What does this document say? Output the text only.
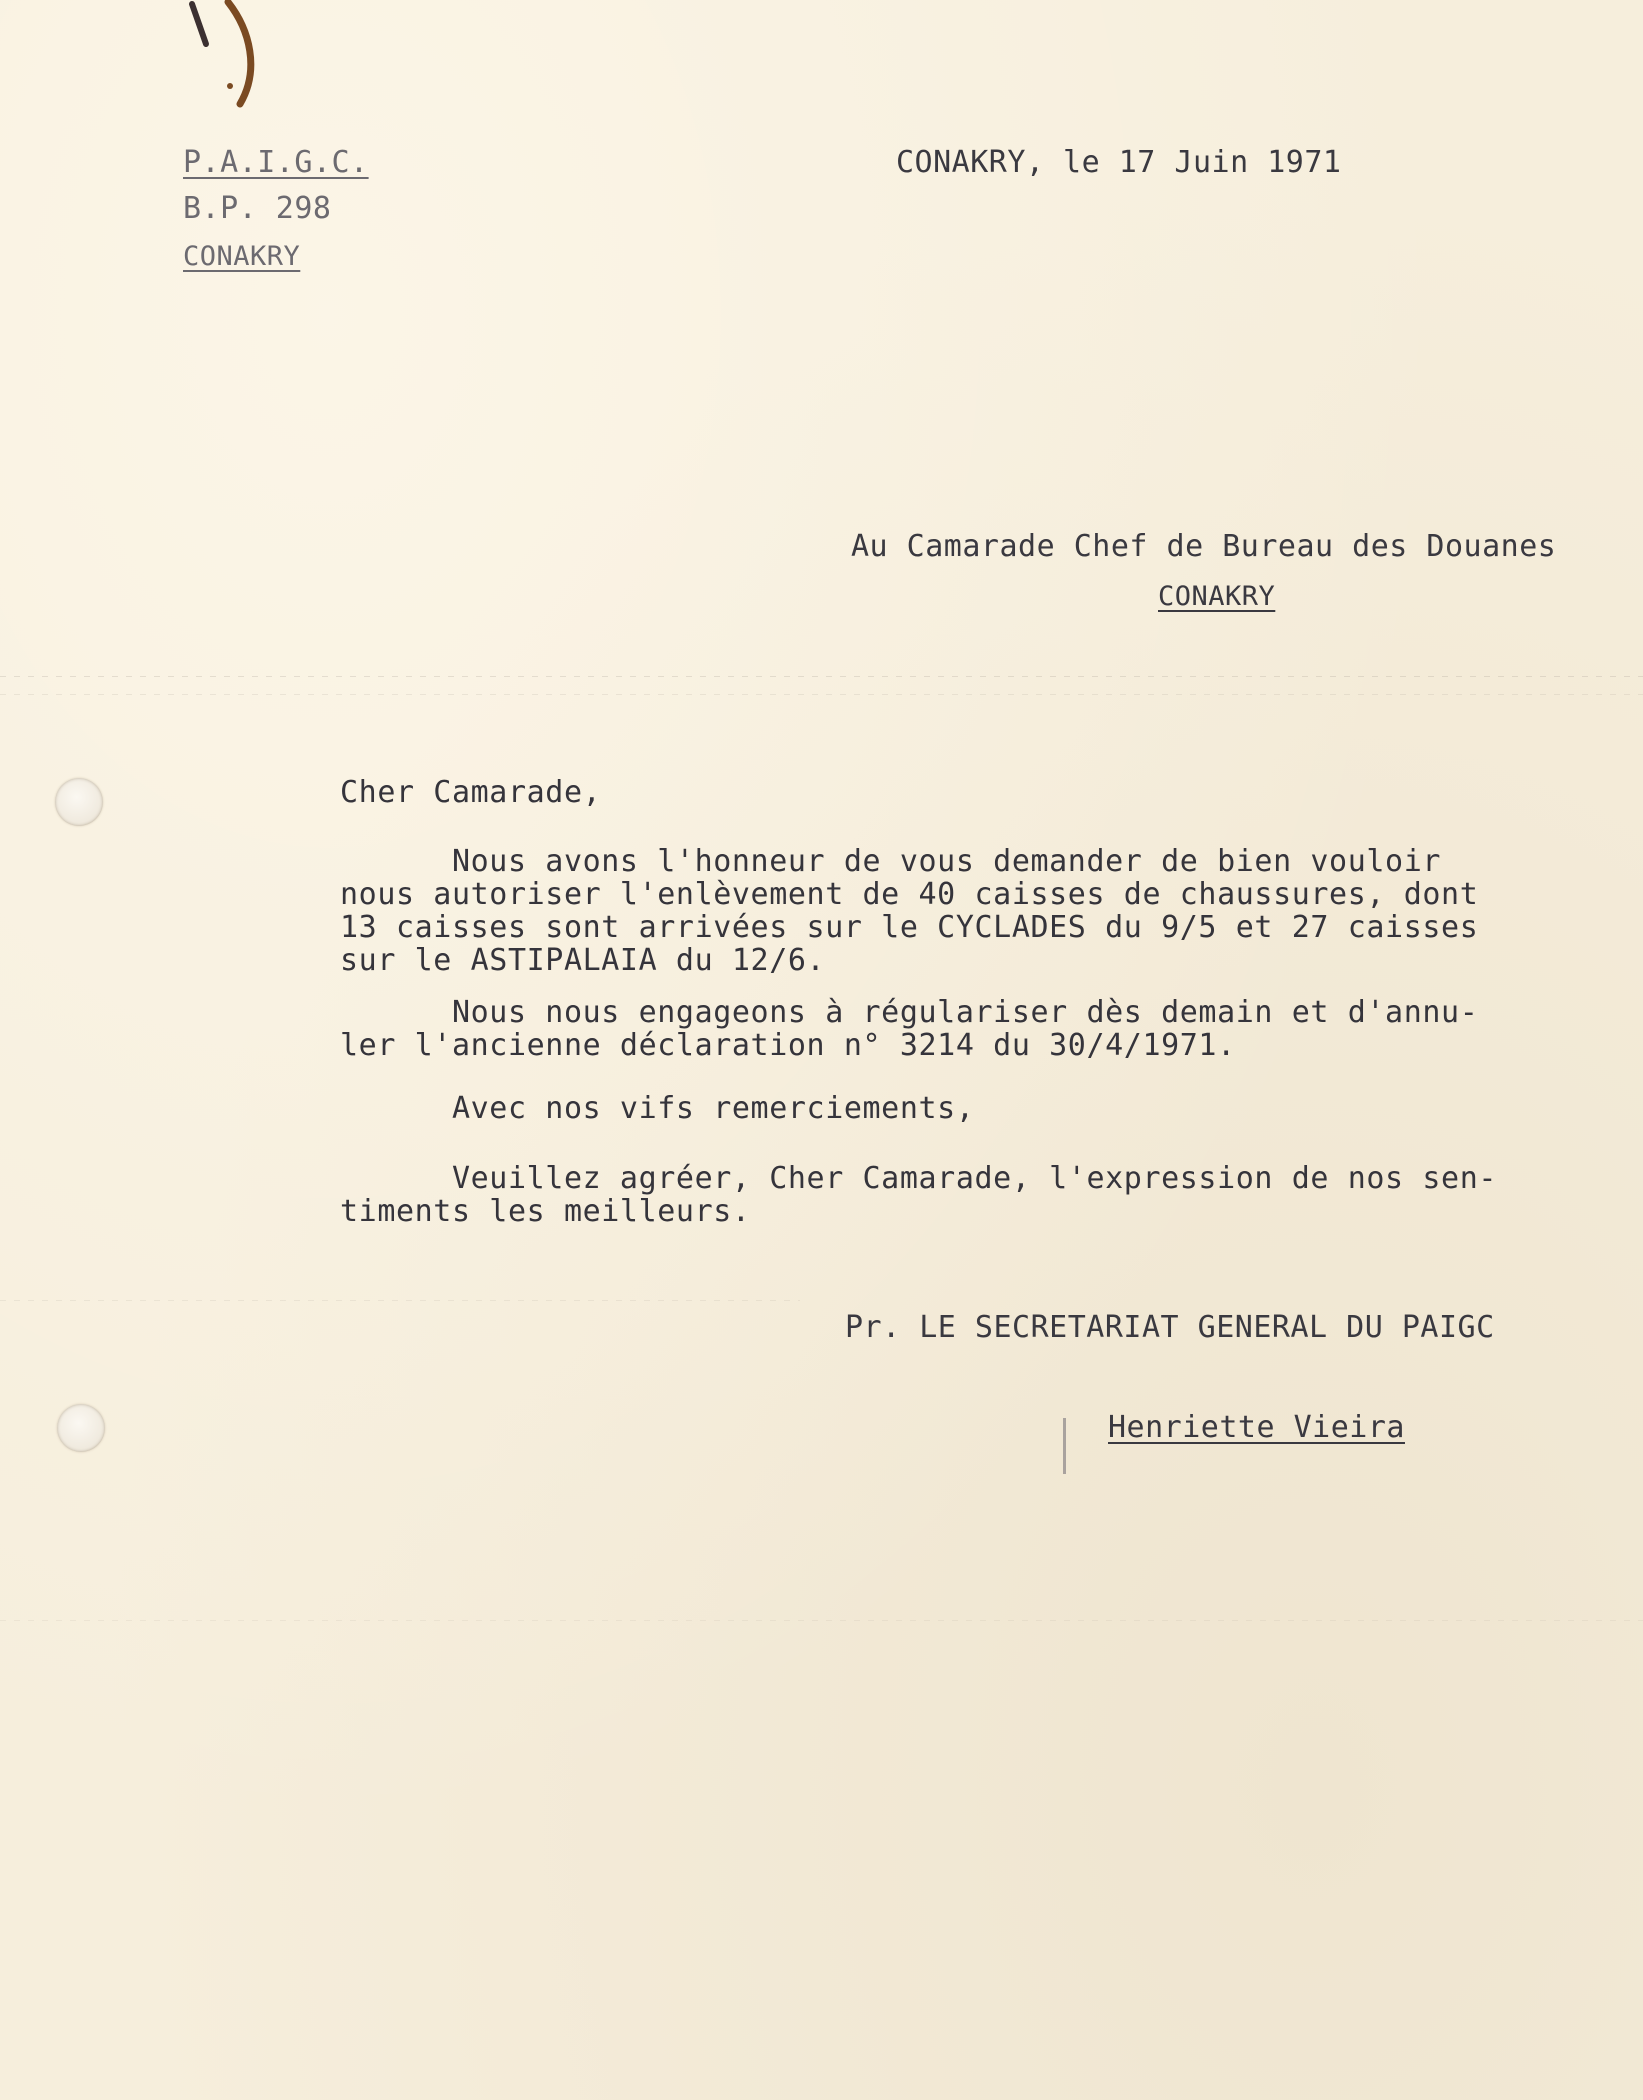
P.A.I.G.C.
B.P. 298
CONAKRY
CONAKRY, le 17 Juin 1971
Au Camarade Chef de Bureau des Douanes
CONAKRY
Cher Camarade,
Nous avons l'honneur de vous demander de bien vouloir
nous autoriser l'enlèvement de 40 caisses de chaussures, dont
13 caisses sont arrivées sur le CYCLADES du 9/5 et 27 caisses
sur le ASTIPALAIA du 12/6.
Nous nous engageons à régulariser dès demain et d'annu-
ler l'ancienne déclaration n° 3214 du 30/4/1971.
Avec nos vifs remerciements,
Veuillez agréer, Cher Camarade, l'expression de nos sen-
timents les meilleurs.
Pr. LE SECRETARIAT GENERAL DU PAIGC
Henriette Vieira
